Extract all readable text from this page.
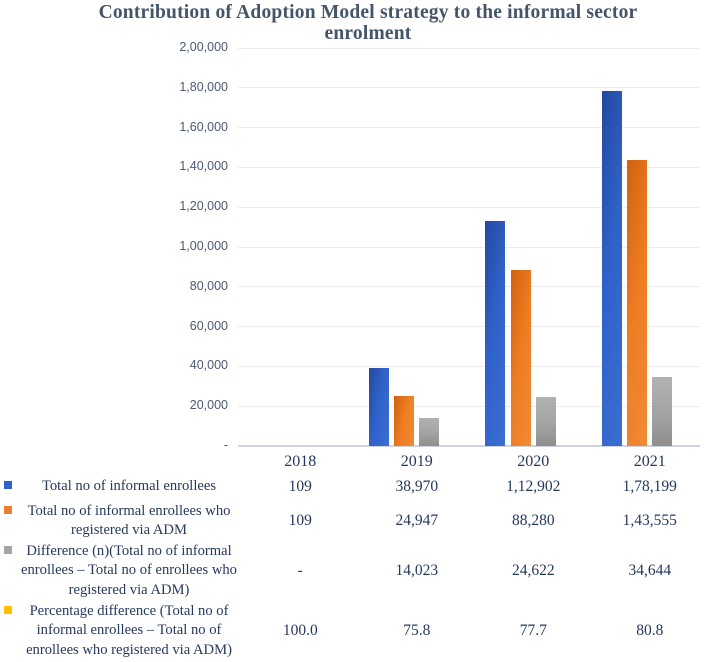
Contribution of Adoption Model strategy to the informal sector enrolment
-
20,000
40,000
60,000
80,000
1,00,000
1,20,000
1,40,000
1,60,000
1,80,000
2,00,000
2018	2019	2020	2021
Total no of informal enrollees	109	38,970	1,12,902	1,78,199
Total no of informal enrollees who registered via ADM
109	24,947	88,280	1,43,555
Difference (n)(Total no of informal enrollees – Total no of enrollees who registered via ADM)
-	14,023	24,622	34,644
Percentage difference (Total no of informal enrollees – Total no of enrollees who registered via ADM)
100.0	75.8	77.7	80.8
